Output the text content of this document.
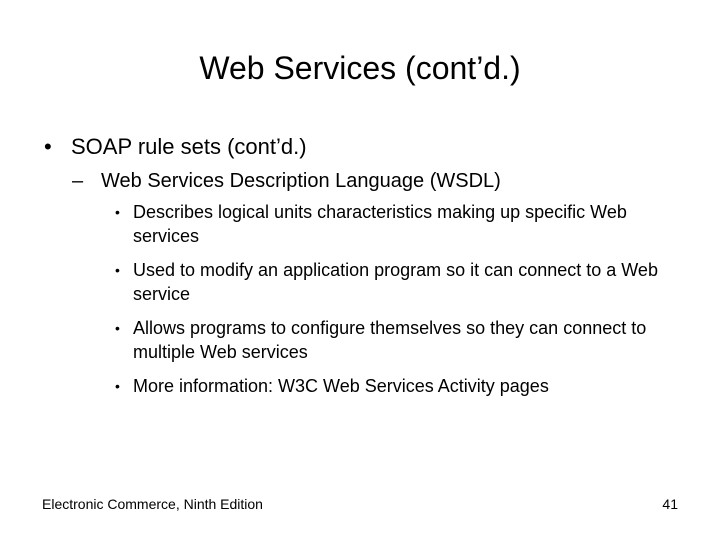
Web Services (cont’d.)
• SOAP rule sets (cont’d.)
– Web Services Description Language (WSDL)
• Describes logical units characteristics making up specific Web services
• Used to modify an application program so it can connect to a Web service
• Allows programs to configure themselves so they can connect to multiple Web services
• More information: W3C Web Services Activity pages
Electronic Commerce, Ninth Edition	41
